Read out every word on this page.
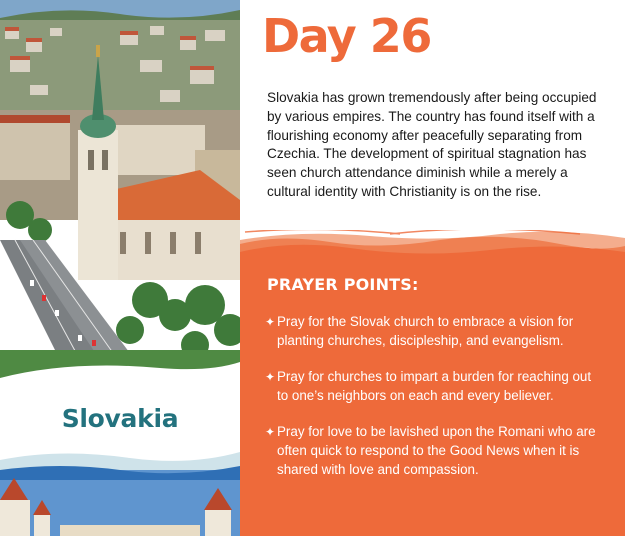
Slovakia
Day 26
Slovakia has grown tremendously after being occupied by various empires. The country has found itself with a flourishing economy after peacefully separating from Czechia. The development of spiritual stagnation has seen church attendance diminish while a merely a cultural identity with Christianity is on the rise.
PRAYER POINTS:
✦ Pray for the Slovak church to embrace a vision for planting churches, discipleship, and evangelism.
✦ Pray for churches to impart a burden for reaching out to one’s neighbors on each and every believer.
✦ Pray for love to be lavished upon the Romani who are often quick to respond to the Good News when it is shared with love and compassion.
